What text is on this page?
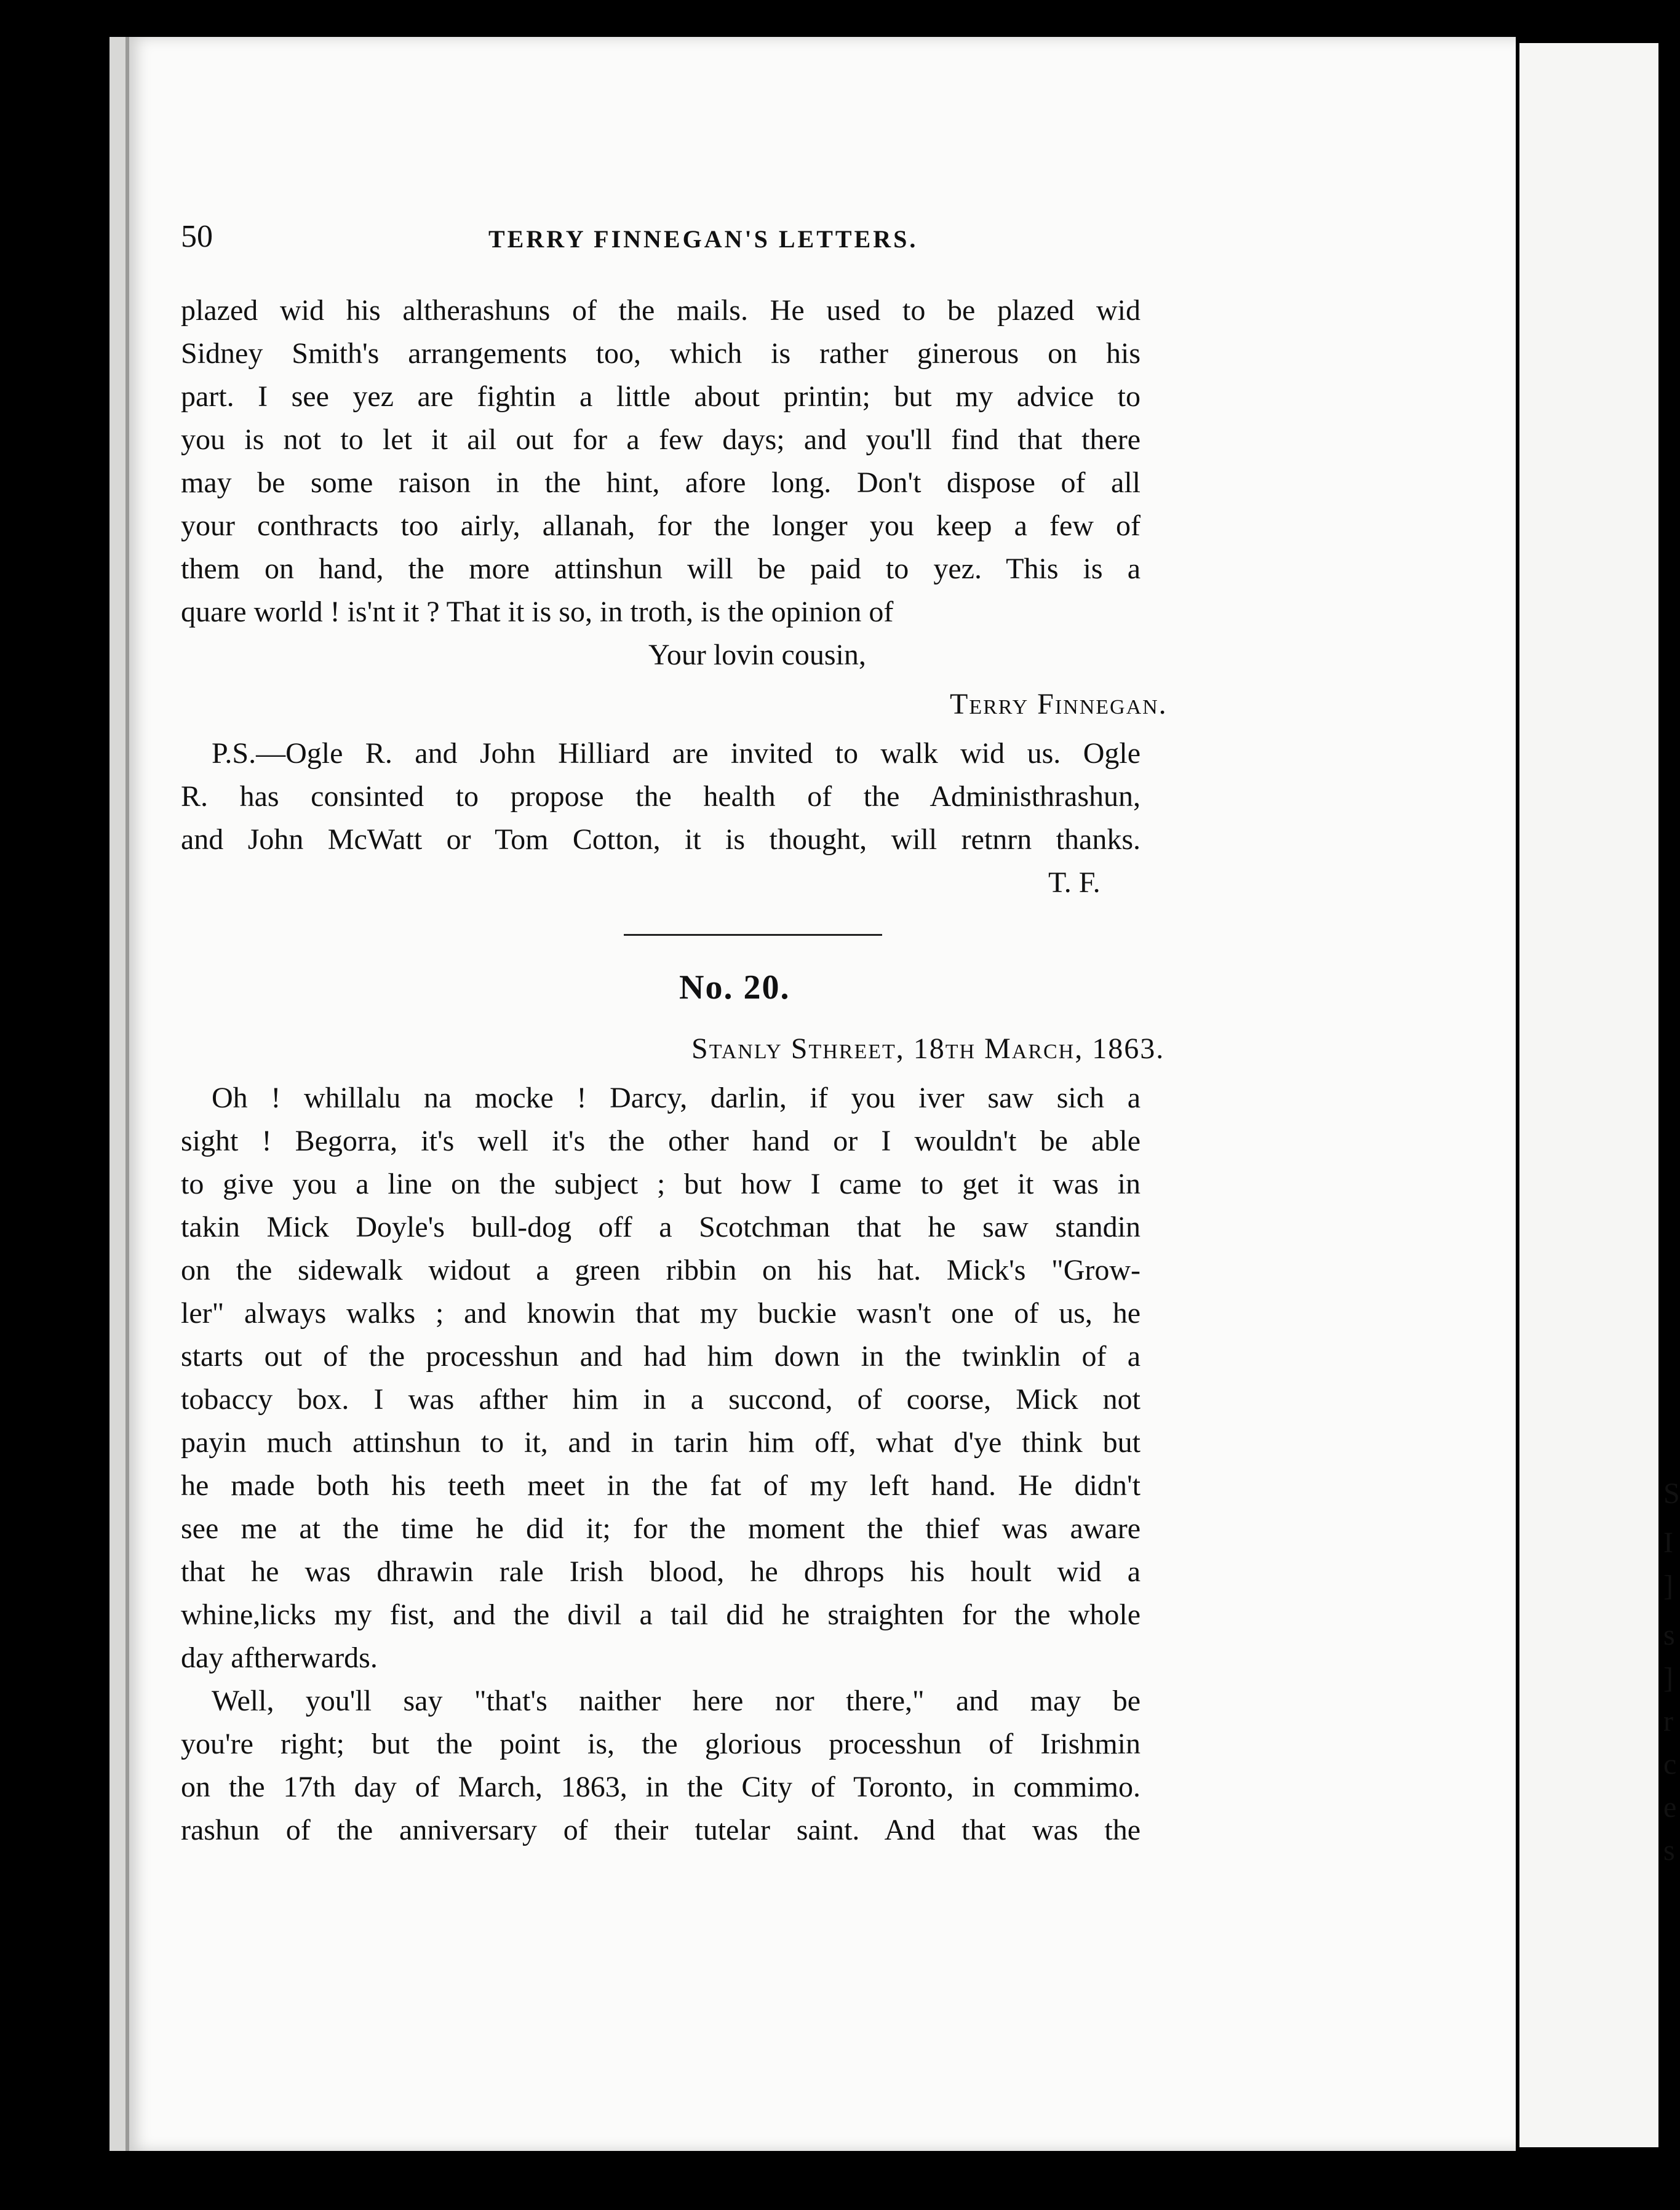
S
I
]
s
]
r
c
e
s
50	TERRY FINNEGAN'S LETTERS.
plazed wid his altherashuns of the mails. He used to be plazed wid
Sidney Smith's arrangements too, which is rather ginerous on his
part. I see yez are fightin a little about printin; but my advice to
you is not to let it ail out for a few days; and you'll find that there
may be some raison in the hint, afore long. Don't dispose of all
your conthracts too airly, allanah, for the longer you keep a few of
them on hand, the more attinshun will be paid to yez. This is a
quare world ! is'nt it ? That it is so, in troth, is the opinion of
Your lovin cousin,
Terry Finnegan.
P.S.—Ogle R. and John Hilliard are invited to walk wid us. Ogle
R. has consinted to propose the health of the Administhrashun,
and John McWatt or Tom Cotton, it is thought, will retnrn thanks.
T. F.
No. 20.
Stanly Sthreet, 18th March, 1863.
Oh ! whillalu na mocke ! Darcy, darlin, if you iver saw sich a
sight ! Begorra, it's well it's the other hand or I wouldn't be able
to give you a line on the subject ; but how I came to get it was in
takin Mick Doyle's bull-dog off a Scotchman that he saw standin
on the sidewalk widout a green ribbin on his hat. Mick's "Grow-
ler" always walks ; and knowin that my buckie wasn't one of us, he
starts out of the processhun and had him down in the twinklin of a
tobaccy box. I was afther him in a succond, of coorse, Mick not
payin much attinshun to it, and in tarin him off, what d'ye think but
he made both his teeth meet in the fat of my left hand. He didn't
see me at the time he did it; for the moment the thief was aware
that he was dhrawin rale Irish blood, he dhrops his hoult wid a
whine,licks my fist, and the divil a tail did he straighten for the whole
day aftherwards.
Well, you'll say "that's naither here nor there," and may be
you're right; but the point is, the glorious processhun of Irishmin
on the 17th day of March, 1863, in the City of Toronto, in commimo.
rashun of the anniversary of their tutelar saint. And that was the
